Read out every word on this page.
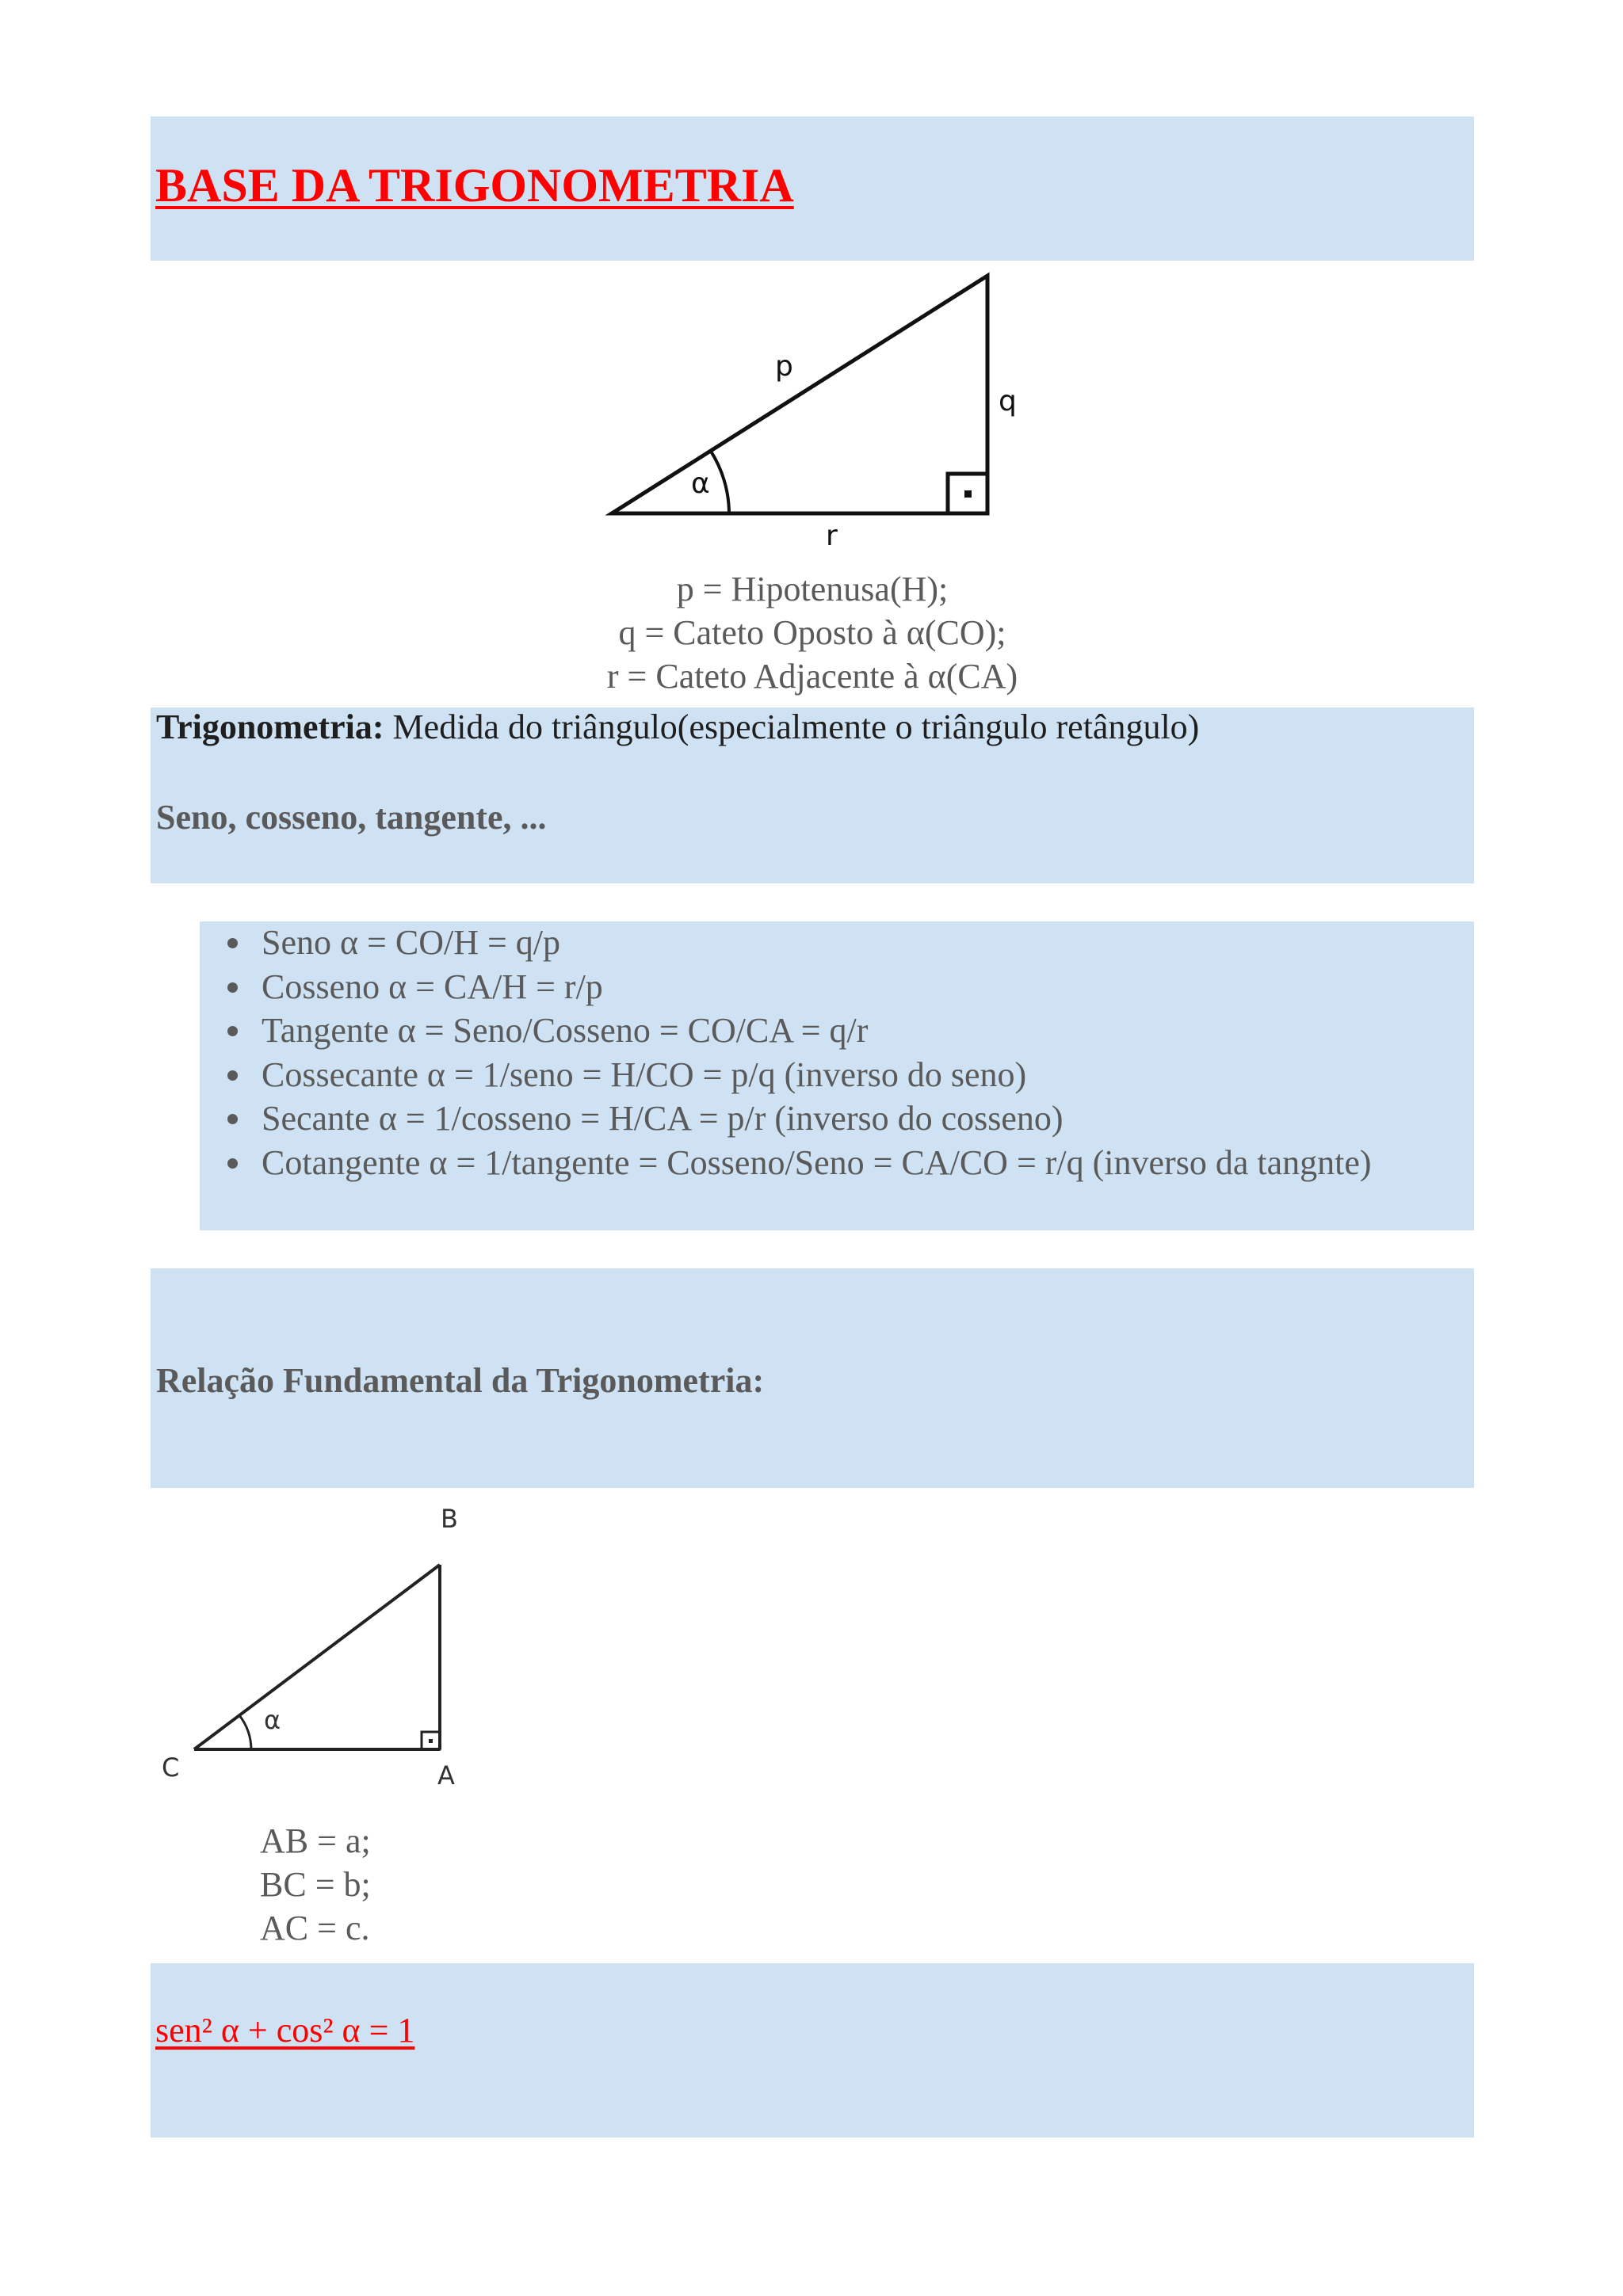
BASE DA TRIGONOMETRIA
α
p
q
r
p = Hipotenusa(H);
q = Cateto Oposto à α(CO);
r = Cateto Adjacente à α(CA)
Trigonometria: Medida do triângulo(especialmente o triângulo retângulo)
Seno, cosseno, tangente, ...
• Seno α = CO/H = q/p
• Cosseno α = CA/H = r/p
• Tangente α = Seno/Cosseno = CO/CA = q/r
• Cossecante α = 1/seno = H/CO = p/q (inverso do seno)
• Secante α = 1/cosseno = H/CA = p/r (inverso do cosseno)
• Cotangente α = 1/tangente = Cosseno/Seno = CA/CO = r/q (inverso da tangnte)
Relação Fundamental da Trigonometria:
α
B
C	A
AB = a;
BC = b;
AC = c.
sen² α + cos² α = 1
